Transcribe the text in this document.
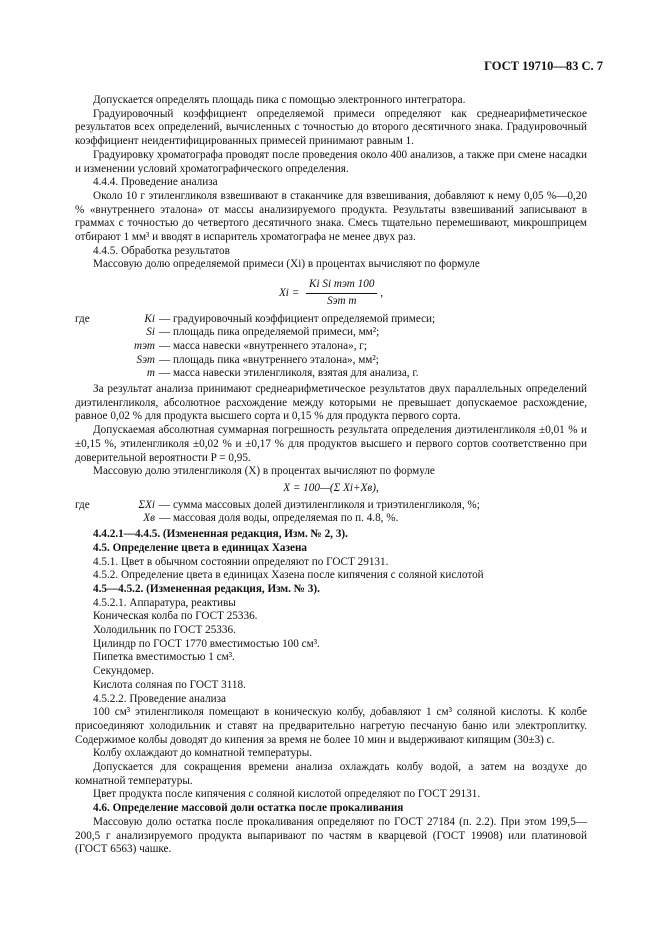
ГОСТ 19710—83 С. 7

Допускается определять площадь пика с помощью электронного интегратора.

Градуировочный коэффициент определяемой примеси определяют как среднеарифметическое результатов всех определений, вычисленных с точностью до второго десятичного знака. Градуировочный коэффициент неидентифицированных примесей принимают равным 1.

Градуировку хроматографа проводят после проведения около 400 анализов, а также при смене насадки и изменении условий хроматографического определения.

4.4.4. Проведение анализа

Около 10 г этиленгликоля взвешивают в стаканчике для взвешивания, добавляют к нему 0,05 %—0,20 % «внутреннего эталона» от массы анализируемого продукта. Результаты взвешиваний записывают в граммах с точностью до четвертого десятичного знака. Смесь тщательно перемешивают, микрошприцем отбирают 1 мм³ и вводят в испаритель хроматографа не менее двух раз.

4.4.5. Обработка результатов

Массовую долю определяемой примеси (Xi) в процентах вычисляют по формуле

$Xi = \frac{\text{Ki Si mэт 100}}{\text{Sэт m}}$ ,
где	Ki — градуировочный коэффициент определяемой примеси;
Si — площадь пика определяемой примеси, мм²;
mэт — масса навески «внутреннего эталона», г;
Sэт — площадь пика «внутреннего эталона», мм²;
m — масса навески этиленгликоля, взятая для анализа, г.

За результат анализа принимают среднеарифметическое результатов двух параллельных определений диэтиленгликоля, абсолютное расхождение между которыми не превышает допускаемое расхождение, равное 0,02 % для продукта высшего сорта и 0,15 % для продукта первого сорта.

Допускаемая абсолютная суммарная погрешность результата определения диэтиленгликоля ±0,01 % и ±0,15 %, этиленгликоля ±0,02 % и ±0,17 % для продуктов высшего и первого сортов соответственно при доверительной вероятности P = 0,95.

Массовую долю этиленгликоля (X) в процентах вычисляют по формуле

X = 100—(Σ Xi+Xв),
где	ΣXi — сумма массовых долей диэтиленгликоля и триэтиленгликоля, %;
Xв — массовая доля воды, определяемая по п. 4.8, %.

4.4.2.1—4.4.5. (Измененная редакция, Изм. № 2, 3).

4.5. Определение цвета в единицах Хазена

4.5.1. Цвет в обычном состоянии определяют по ГОСТ 29131.

4.5.2. Определение цвета в единицах Хазена после кипячения с соляной кислотой

4.5—4.5.2. (Измененная редакция, Изм. № 3).

4.5.2.1. Аппаратура, реактивы

Коническая колба по ГОСТ 25336.

Холодильник по ГОСТ 25336.

Цилиндр по ГОСТ 1770 вместимостью 100 см³.

Пипетка вместимостью 1 см³.

Секундомер.

Кислота соляная по ГОСТ 3118.

4.5.2.2. Проведение анализа

100 см³ этиленгликоля помещают в коническую колбу, добавляют 1 см³ соляной кислоты. К колбе присоединяют холодильник и ставят на предварительно нагретую песчаную баню или электроплитку. Содержимое колбы доводят до кипения за время не более 10 мин и выдерживают кипящим (30±3) с.

Колбу охлаждают до комнатной температуры.

Допускается для сокращения времени анализа охлаждать колбу водой, а затем на воздухе до комнатной температуры.

Цвет продукта после кипячения с соляной кислотой определяют по ГОСТ 29131.

4.6. Определение массовой доли остатка после прокаливания

Массовую долю остатка после прокаливания определяют по ГОСТ 27184 (п. 2.2). При этом 199,5—200,5 г анализируемого продукта выпаривают по частям в кварцевой (ГОСТ 19908) или платиновой (ГОСТ 6563) чашке.
